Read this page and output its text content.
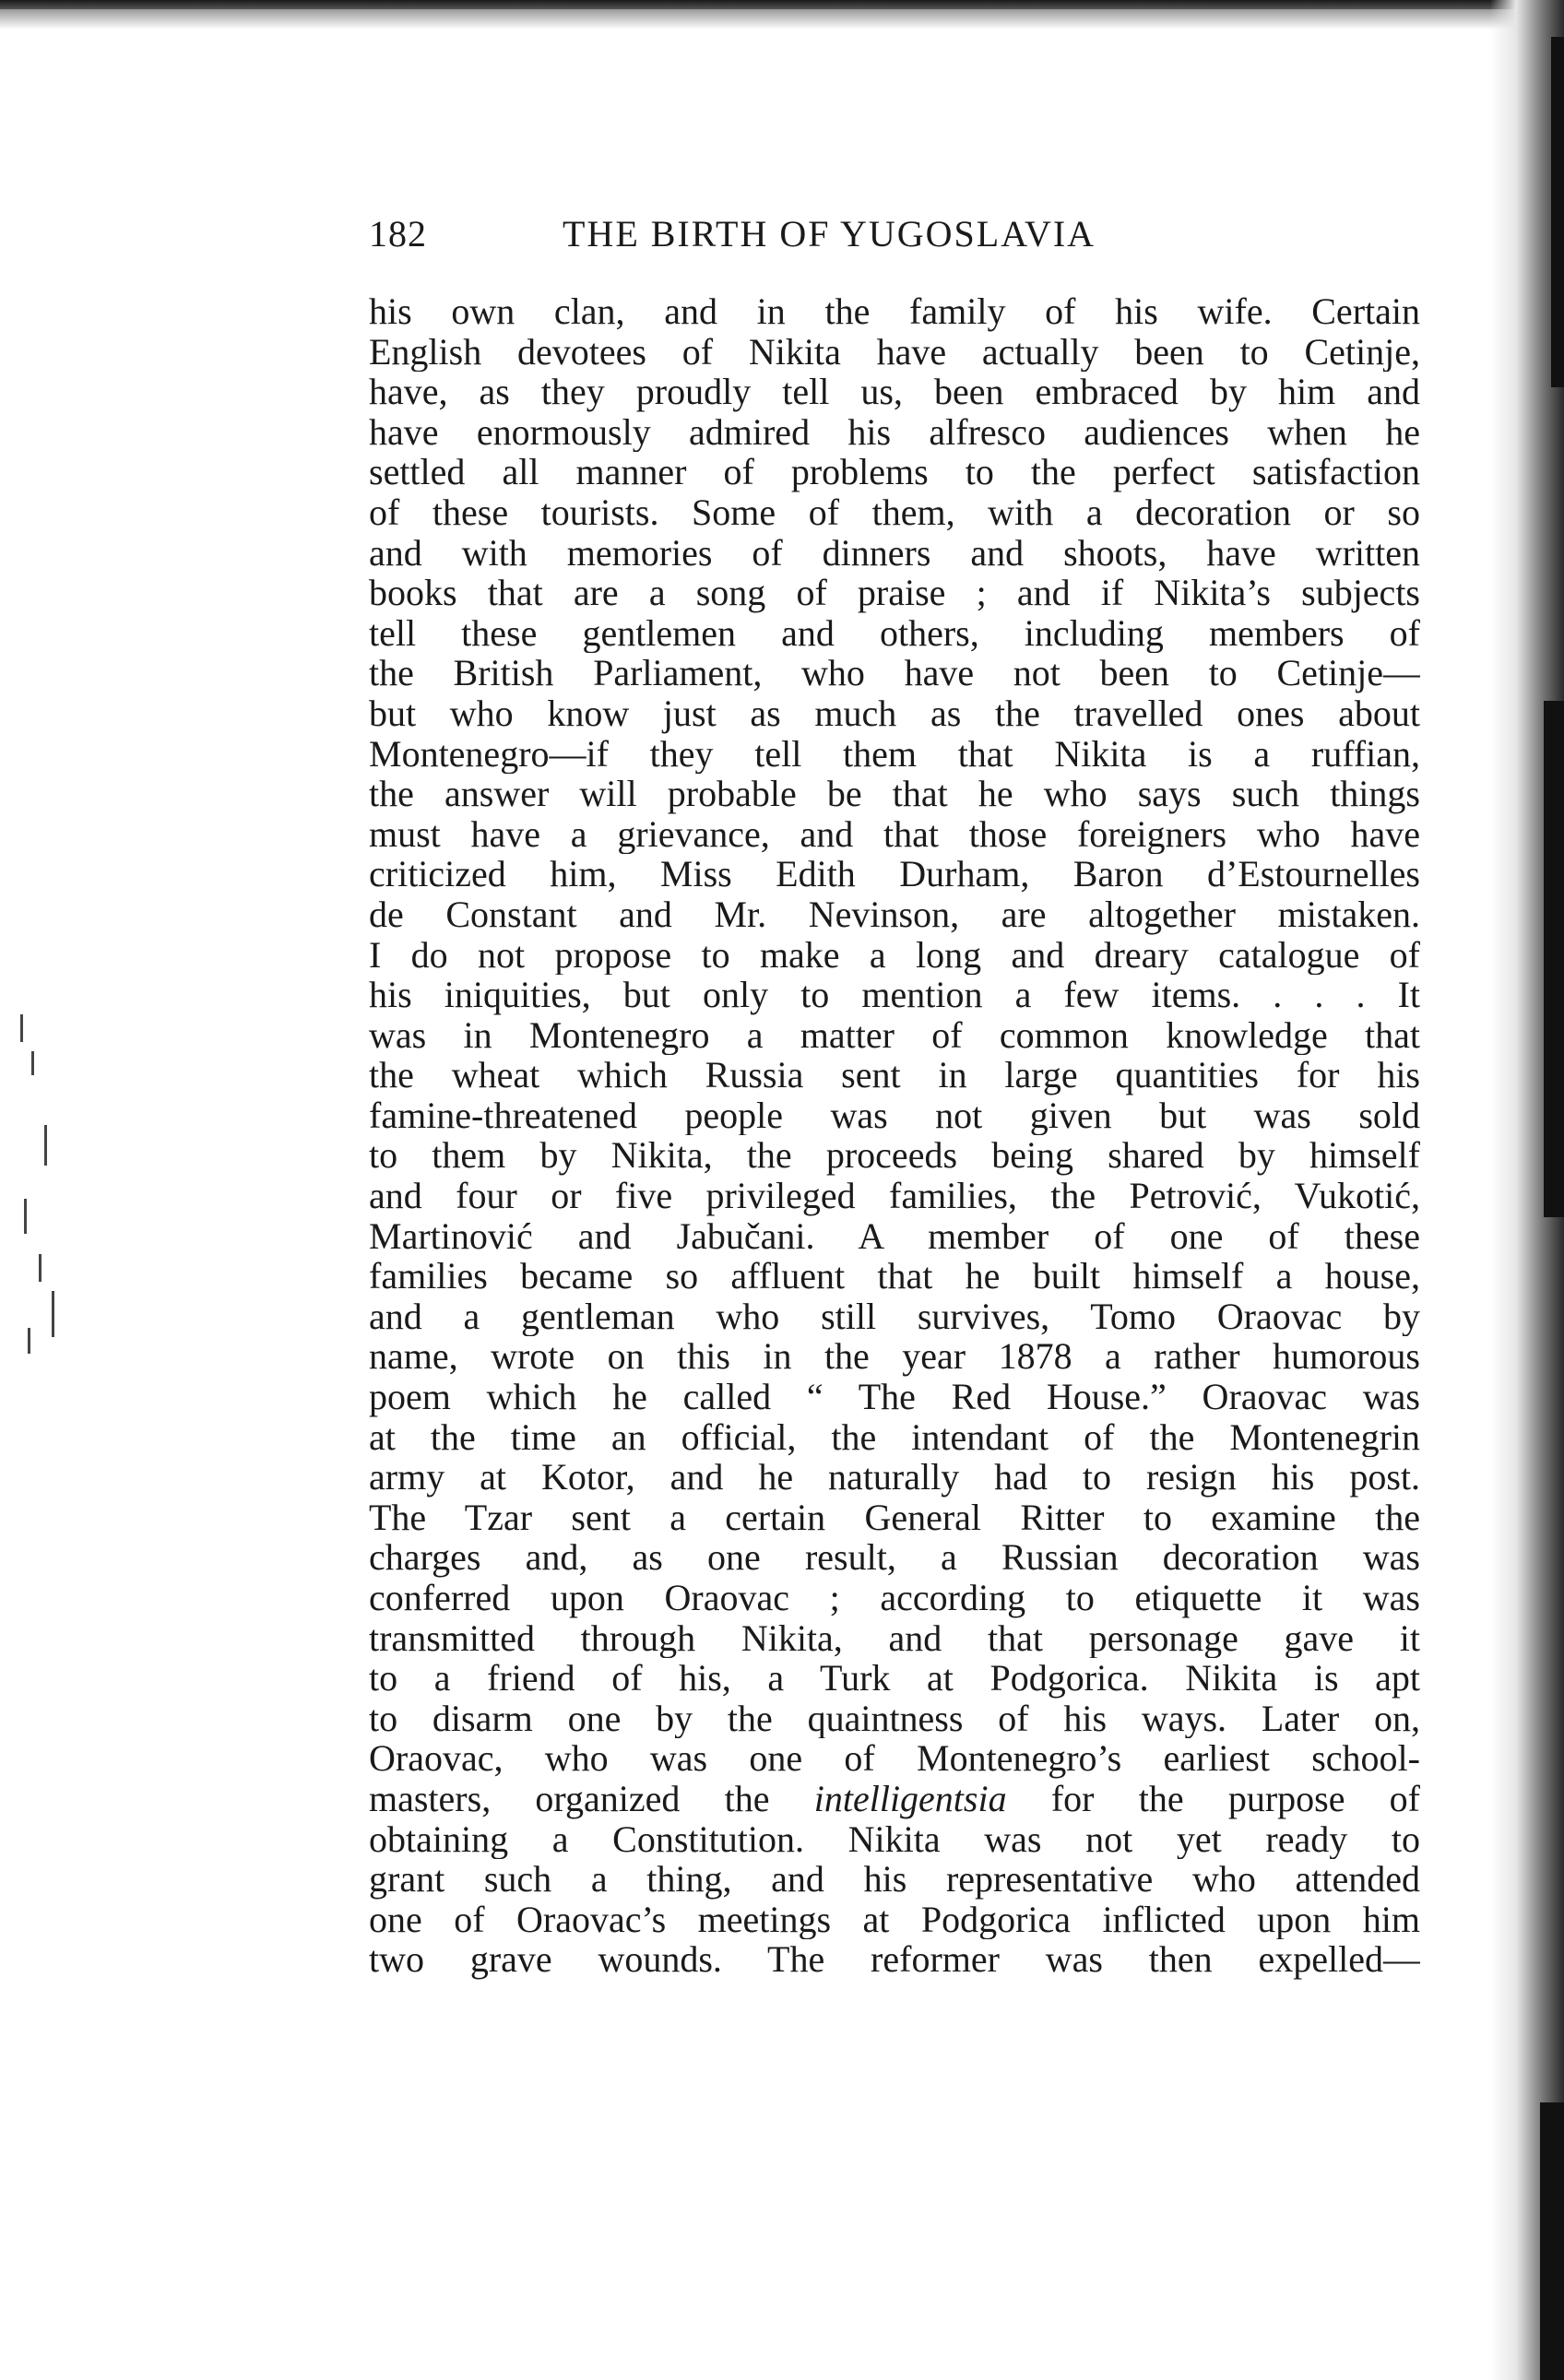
182	THE BIRTH OF YUGOSLAVIA
his own clan, and in the family of his wife. Certain
English devotees of Nikita have actually been to Cetinje,
have, as they proudly tell us, been embraced by him and
have enormously admired his alfresco audiences when he
settled all manner of problems to the perfect satisfaction
of these tourists. Some of them, with a decoration or so
and with memories of dinners and shoots, have written
books that are a song of praise ; and if Nikita’s subjects
tell these gentlemen and others, including members of
the British Parliament, who have not been to Cetinje—
but who know just as much as the travelled ones about
Montenegro—if they tell them that Nikita is a ruffian,
the answer will probable be that he who says such things
must have a grievance, and that those foreigners who have
criticized him, Miss Edith Durham, Baron d’Estournelles
de Constant and Mr. Nevinson, are altogether mistaken.
I do not propose to make a long and dreary catalogue of
his iniquities, but only to mention a few items. . . . It
was in Montenegro a matter of common knowledge that
the wheat which Russia sent in large quantities for his
famine-threatened people was not given but was sold
to them by Nikita, the proceeds being shared by himself
and four or five privileged families, the Petrović, Vukotić,
Martinović and Jabučani. A member of one of these
families became so affluent that he built himself a house,
and a gentleman who still survives, Tomo Oraovac by
name, wrote on this in the year 1878 a rather humorous
poem which he called “ The Red House.” Oraovac was
at the time an official, the intendant of the Montenegrin
army at Kotor, and he naturally had to resign his post.
The Tzar sent a certain General Ritter to examine the
charges and, as one result, a Russian decoration was
conferred upon Oraovac ; according to etiquette it was
transmitted through Nikita, and that personage gave it
to a friend of his, a Turk at Podgorica. Nikita is apt
to disarm one by the quaintness of his ways. Later on,
Oraovac, who was one of Montenegro’s earliest school-
masters, organized the intelligentsia for the purpose of
obtaining a Constitution. Nikita was not yet ready to
grant such a thing, and his representative who attended
one of Oraovac’s meetings at Podgorica inflicted upon him
two grave wounds. The reformer was then expelled—
